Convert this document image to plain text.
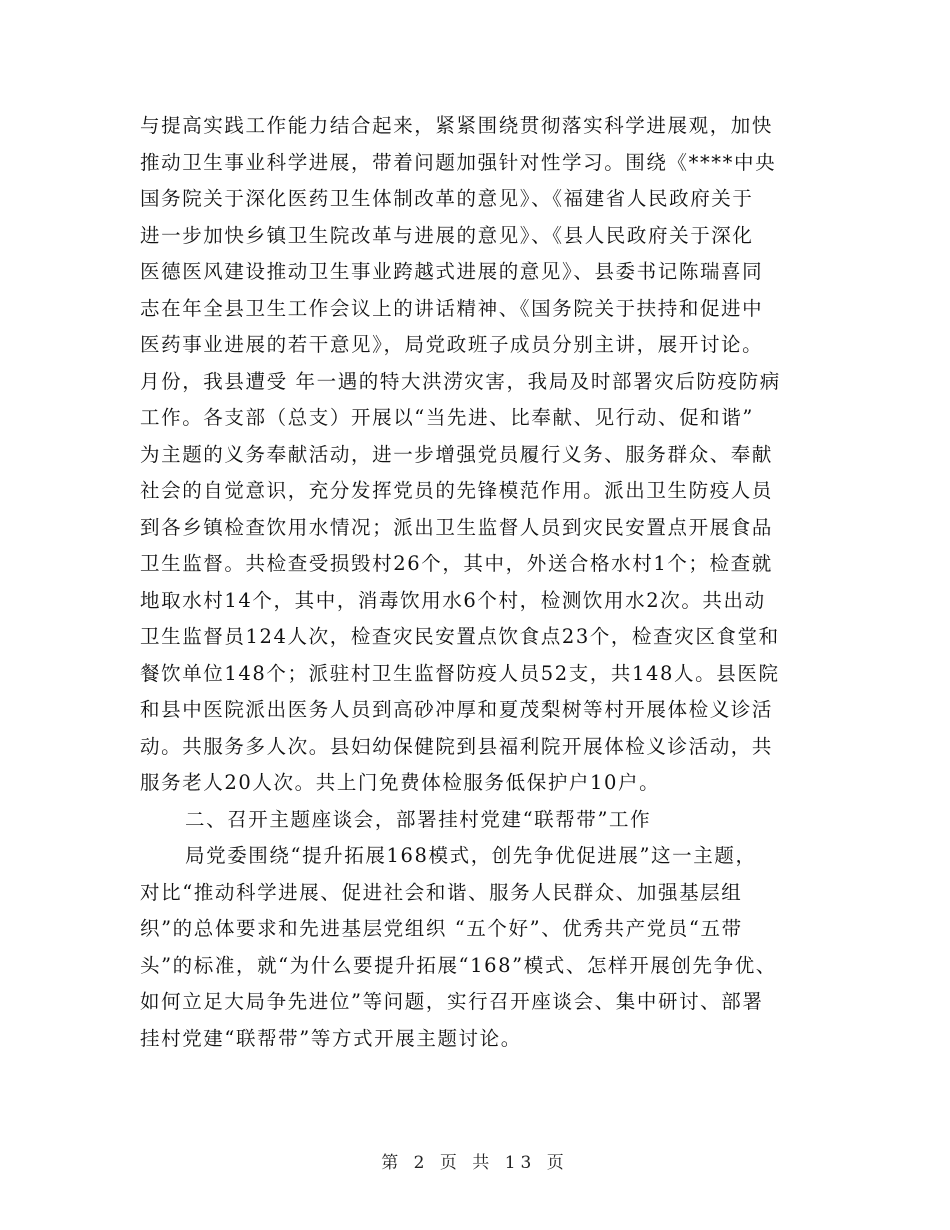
与提高实践工作能力结合起来，紧紧围绕贯彻落实科学进展观，加快
推动卫生事业科学进展，带着问题加强针对性学习。围绕《****中央
国务院关于深化医药卫生体制改革的意见》、《福建省人民政府关于
进一步加快乡镇卫生院改革与进展的意见》、《县人民政府关于深化
医德医风建设推动卫生事业跨越式进展的意见》、县委书记陈瑞喜同
志在年全县卫生工作会议上的讲话精神、《国务院关于扶持和促进中
医药事业进展的若干意见》，局党政班子成员分别主讲，展开讨论。
月份，我县遭受 年一遇的特大洪涝灾害，我局及时部署灾后防疫防病
工作。各支部（总支）开展以“当先进、比奉献、见行动、促和谐”
为主题的义务奉献活动，进一步增强党员履行义务、服务群众、奉献
社会的自觉意识，充分发挥党员的先锋模范作用。派出卫生防疫人员
到各乡镇检查饮用水情况；派出卫生监督人员到灾民安置点开展食品
卫生监督。共检查受损毁村26个，其中，外送合格水村1个；检查就
地取水村14个，其中，消毒饮用水6个村，检测饮用水2次。共出动
卫生监督员124人次，检查灾民安置点饮食点23个，检查灾区食堂和
餐饮单位148个；派驻村卫生监督防疫人员52支，共148人。县医院
和县中医院派出医务人员到高砂冲厚和夏茂梨树等村开展体检义诊活
动。共服务多人次。县妇幼保健院到县福利院开展体检义诊活动，共
服务老人20人次。共上门免费体检服务低保护户10户。
二、召开主题座谈会，部署挂村党建“联帮带”工作
局党委围绕“提升拓展168模式，创先争优促进展”这一主题，
对比“推动科学进展、促进社会和谐、服务人民群众、加强基层组
织”的总体要求和先进基层党组织 “五个好”、优秀共产党员“五带
头”的标准，就“为什么要提升拓展“168”模式、怎样开展创先争优、
如何立足大局争先进位”等问题，实行召开座谈会、集中研讨、部署
挂村党建“联帮带”等方式开展主题讨论。
第 2 页 共 13 页
